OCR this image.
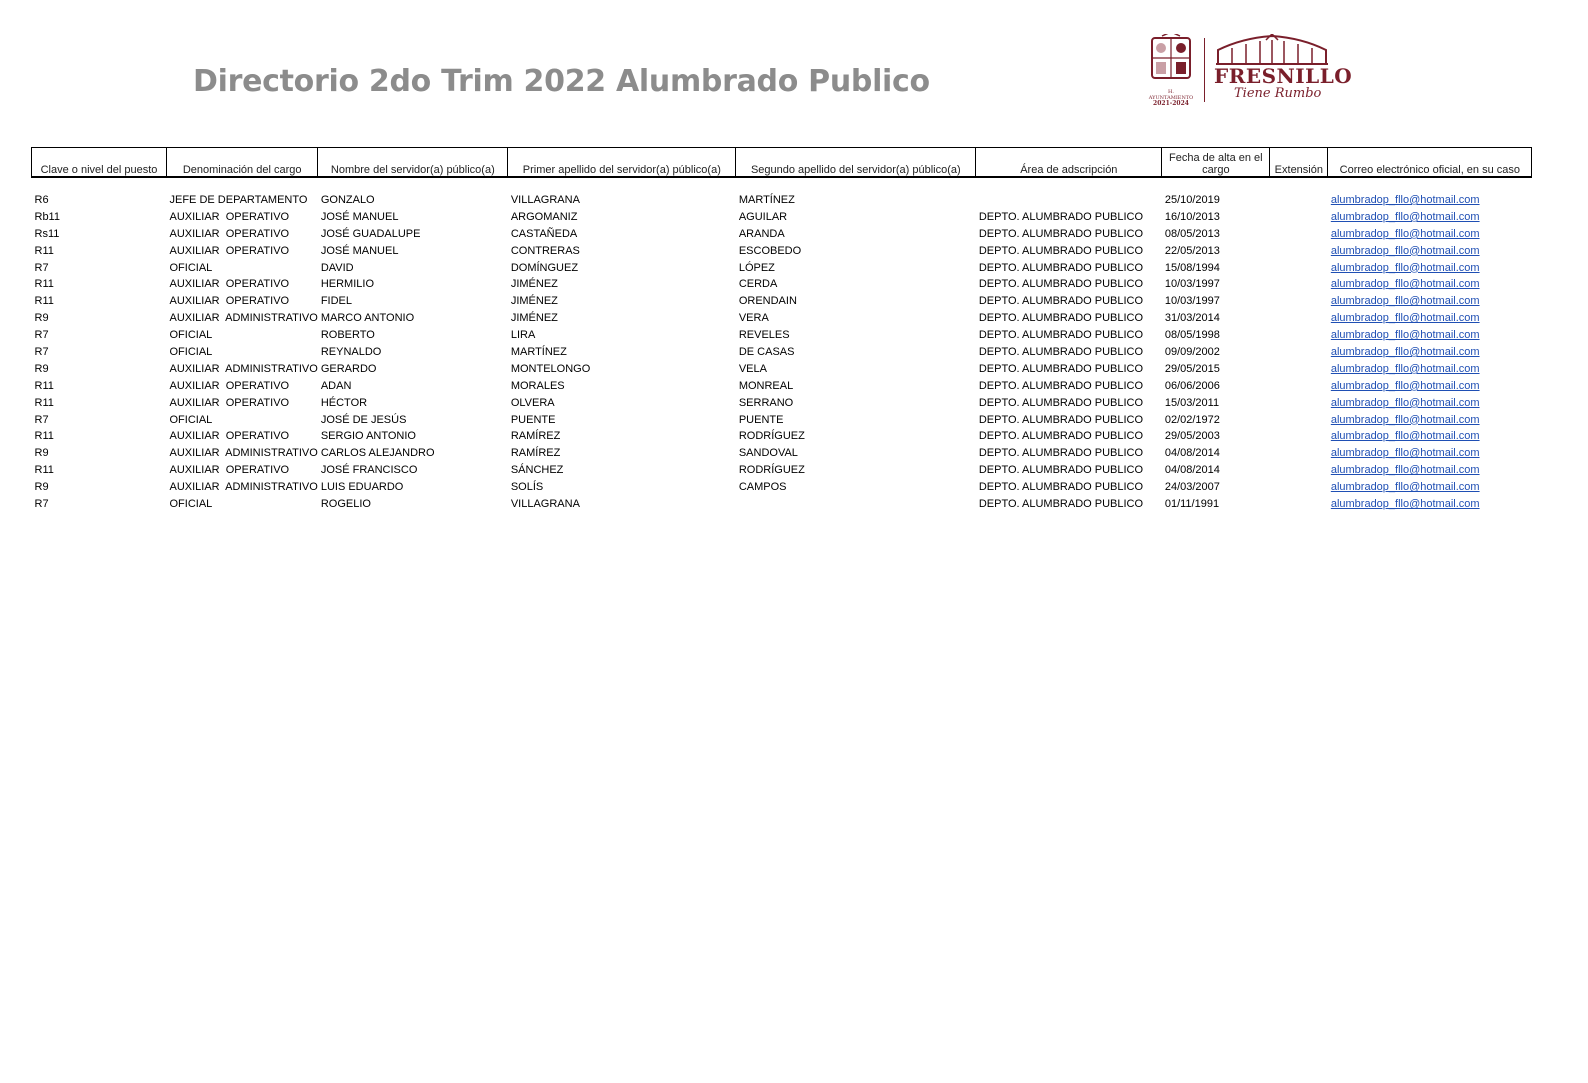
Directorio 2do Trim 2022 Alumbrado Publico	H. AYUNTAMIENTO
2021-2024
FRESNILLO
Tiene Rumbo
Clave o nivel del puesto	Denominación del cargo	Nombre del servidor(a) público(a)	Primer apellido del servidor(a) público(a)	Segundo apellido del servidor(a) público(a)	Área de adscripción	Fecha de alta en el cargo	Extensión	Correo electrónico oficial, en su caso
R6	JEFE DE DEPARTAMENTO	GONZALO	VILLAGRANA	MARTÍNEZ		25/10/2019		alumbradop_fllo@hotmail.com
Rb11	AUXILIAR  OPERATIVO	JOSÉ MANUEL	ARGOMANIZ	AGUILAR	DEPTO. ALUMBRADO PUBLICO	16/10/2013		alumbradop_fllo@hotmail.com
Rs11	AUXILIAR  OPERATIVO	JOSÉ GUADALUPE	CASTAÑEDA	ARANDA	DEPTO. ALUMBRADO PUBLICO	08/05/2013		alumbradop_fllo@hotmail.com
R11	AUXILIAR  OPERATIVO	JOSÉ MANUEL	CONTRERAS	ESCOBEDO	DEPTO. ALUMBRADO PUBLICO	22/05/2013		alumbradop_fllo@hotmail.com
R7	OFICIAL	DAVID	DOMÍNGUEZ	LÓPEZ	DEPTO. ALUMBRADO PUBLICO	15/08/1994		alumbradop_fllo@hotmail.com
R11	AUXILIAR  OPERATIVO	HERMILIO	JIMÉNEZ	CERDA	DEPTO. ALUMBRADO PUBLICO	10/03/1997		alumbradop_fllo@hotmail.com
R11	AUXILIAR  OPERATIVO	FIDEL	JIMÉNEZ	ORENDAIN	DEPTO. ALUMBRADO PUBLICO	10/03/1997		alumbradop_fllo@hotmail.com
R9	AUXILIAR  ADMINISTRATIVO	MARCO ANTONIO	JIMÉNEZ	VERA	DEPTO. ALUMBRADO PUBLICO	31/03/2014		alumbradop_fllo@hotmail.com
R7	OFICIAL	ROBERTO	LIRA	REVELES	DEPTO. ALUMBRADO PUBLICO	08/05/1998		alumbradop_fllo@hotmail.com
R7	OFICIAL	REYNALDO	MARTÍNEZ	DE CASAS	DEPTO. ALUMBRADO PUBLICO	09/09/2002		alumbradop_fllo@hotmail.com
R9	AUXILIAR  ADMINISTRATIVO	GERARDO	MONTELONGO	VELA	DEPTO. ALUMBRADO PUBLICO	29/05/2015		alumbradop_fllo@hotmail.com
R11	AUXILIAR  OPERATIVO	ADAN	MORALES	MONREAL	DEPTO. ALUMBRADO PUBLICO	06/06/2006		alumbradop_fllo@hotmail.com
R11	AUXILIAR  OPERATIVO	HÉCTOR	OLVERA	SERRANO	DEPTO. ALUMBRADO PUBLICO	15/03/2011		alumbradop_fllo@hotmail.com
R7	OFICIAL	JOSÉ DE JESÚS	PUENTE	PUENTE	DEPTO. ALUMBRADO PUBLICO	02/02/1972		alumbradop_fllo@hotmail.com
R11	AUXILIAR  OPERATIVO	SERGIO ANTONIO	RAMÍREZ	RODRÍGUEZ	DEPTO. ALUMBRADO PUBLICO	29/05/2003		alumbradop_fllo@hotmail.com
R9	AUXILIAR  ADMINISTRATIVO	CARLOS ALEJANDRO	RAMÍREZ	SANDOVAL	DEPTO. ALUMBRADO PUBLICO	04/08/2014		alumbradop_fllo@hotmail.com
R11	AUXILIAR  OPERATIVO	JOSÉ FRANCISCO	SÁNCHEZ	RODRÍGUEZ	DEPTO. ALUMBRADO PUBLICO	04/08/2014		alumbradop_fllo@hotmail.com
R9	AUXILIAR  ADMINISTRATIVO	LUIS EDUARDO	SOLÍS	CAMPOS	DEPTO. ALUMBRADO PUBLICO	24/03/2007		alumbradop_fllo@hotmail.com
R7	OFICIAL	ROGELIO	VILLAGRANA		DEPTO. ALUMBRADO PUBLICO	01/11/1991		alumbradop_fllo@hotmail.com
